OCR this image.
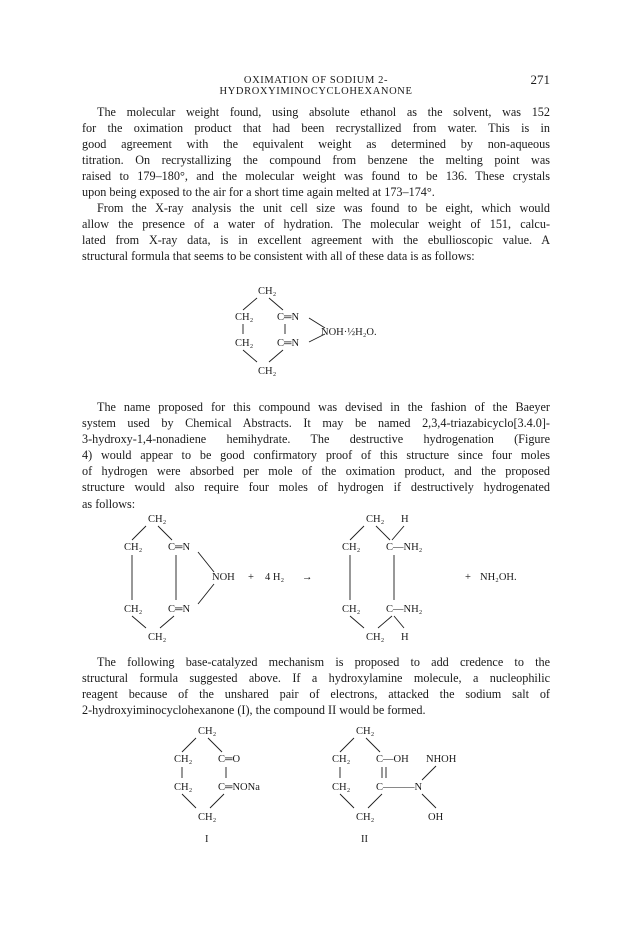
OXIMATION OF SODIUM 2-HYDROXYIMINOCYCLOHEXANONE
271

The molecular weight found, using absolute ethanol as the solvent, was 152
for the oximation product that had been recrystallized from water. This is in
good agreement with the equivalent weight as determined by non-aqueous
titration. On recrystallizing the compound from benzene the melting point was
raised to 179–180°, and the molecular weight was found to be 136. These crystals
upon being exposed to the air for a short time again melted at 173–174°.

From the X-ray analysis the unit cell size was found to be eight, which would
allow the presence of a water of hydration. The molecular weight of 151, calcu-
lated from X-ray data, is in excellent agreement with the ebullioscopic value. A
structural formula that seems to be consistent with all of these data is as follows:

CH₂
CH₂ C═N
NOH·½H₂O.
CH₂ C═N
CH₂

The name proposed for this compound was devised in the fashion of the Baeyer
system used by Chemical Abstracts. It may be named 2,3,4-triazabicyclo[3.4.0]-
3-hydroxy-1,4-nonadiene hemihydrate. The destructive hydrogenation (Figure
4) would appear to be good confirmatory proof of this structure since four moles
of hydrogen were absorbed per mole of the oximation product, and the proposed
structure would also require four moles of hydrogen if destructively hydrogenated
as follows:

CH₂
CH₂ C═N
NOH
CH₂ C═N
CH₂
+ 4 H₂ →
CH₂ H
CH₂ C—NH₂
CH₂ C—NH₂
CH₂ H
+ NH₂OH.

The following base-catalyzed mechanism is proposed to add credence to the
structural formula suggested above. If a hydroxylamine molecule, a nucleophilic
reagent because of the unshared pair of electrons, attacked the sodium salt of
2-hydroxyiminocyclohexanone (I), the compound II would be formed.

CH₂
CH₂ C═O
CH₂ C═NONa
CH₂
I
CH₂
CH₂ C—OH NHOH
CH₂ C———N
CH₂	OH
II
